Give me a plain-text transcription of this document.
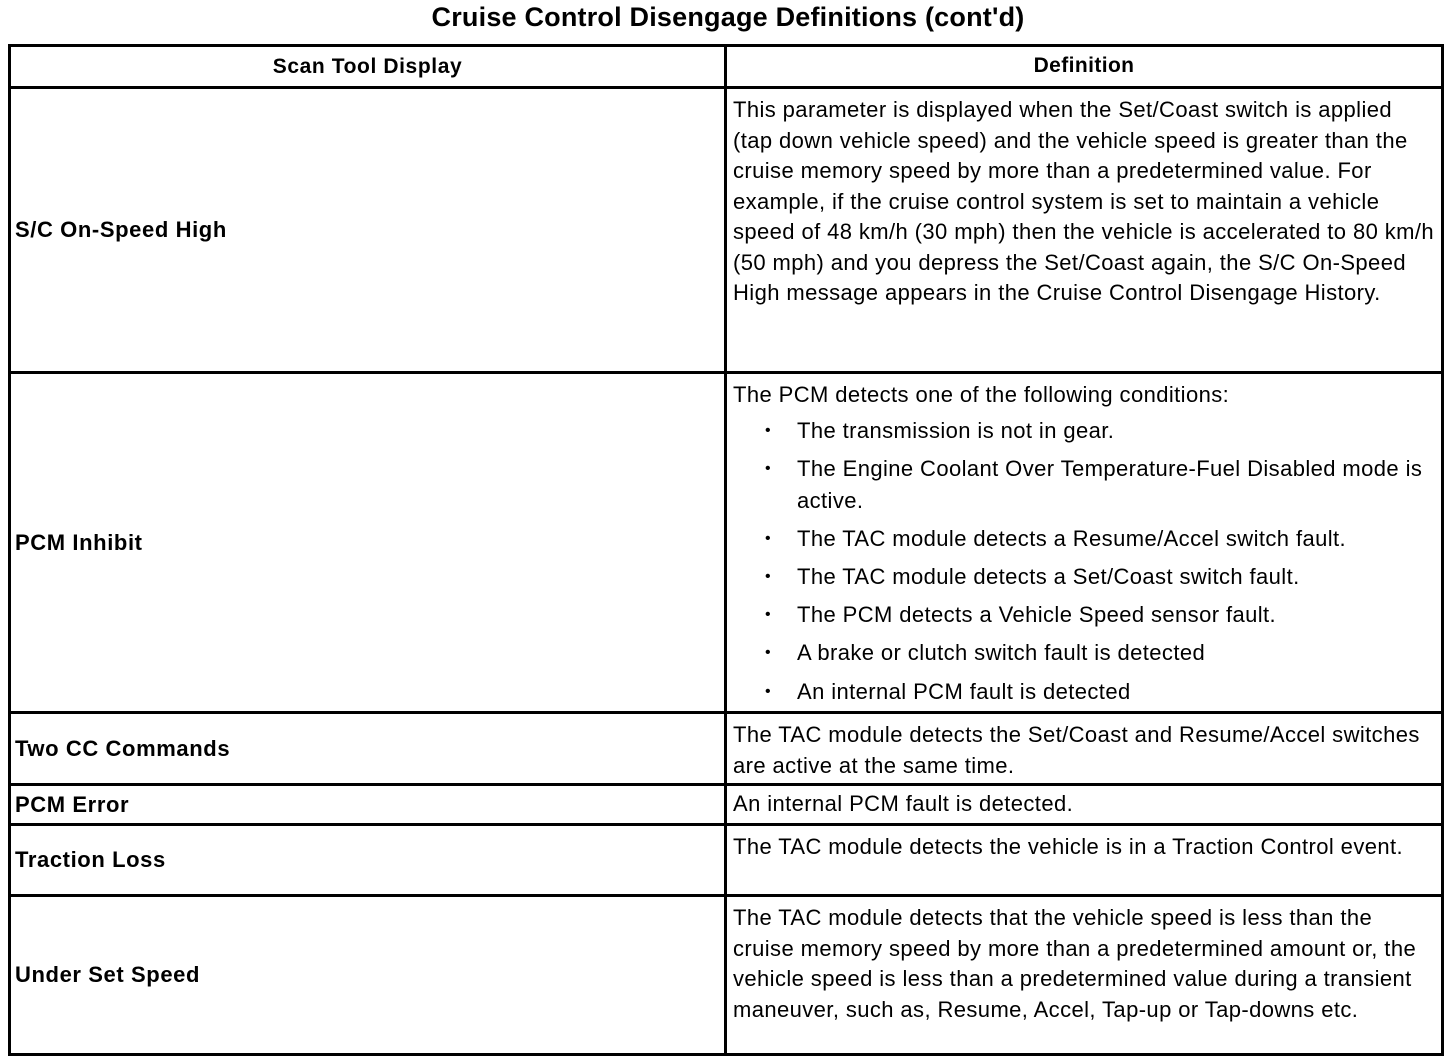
Cruise Control Disengage Definitions (cont'd)
Scan Tool Display	Definition
S/C On-Speed High
This parameter is displayed when the Set/Coast switch is applied (tap down vehicle speed) and the vehicle speed is greater than the cruise memory speed by more than a predetermined value. For example, if the cruise control system is set to maintain a vehicle speed of 48 km/h (30 mph) then the vehicle is accelerated to 80 km/h (50 mph) and you depress the Set/Coast again, the S/C On-Speed High message appears in the Cruise Control Disengage History.
PCM Inhibit
The PCM detects one of the following conditions:
• The transmission is not in gear.
• The Engine Coolant Over Temperature-Fuel Disabled mode is active.
• The TAC module detects a Resume/Accel switch fault.
• The TAC module detects a Set/Coast switch fault.
• The PCM detects a Vehicle Speed sensor fault.
• A brake or clutch switch fault is detected
• An internal PCM fault is detected
Two CC Commands
The TAC module detects the Set/Coast and Resume/Accel switches are active at the same time.
PCM Error	An internal PCM fault is detected.
Traction Loss
The TAC module detects the vehicle is in a Traction Control event.
Under Set Speed
The TAC module detects that the vehicle speed is less than the cruise memory speed by more than a predetermined amount or, the vehicle speed is less than a predetermined value during a transient maneuver, such as, Resume, Accel, Tap-up or Tap-downs etc.
